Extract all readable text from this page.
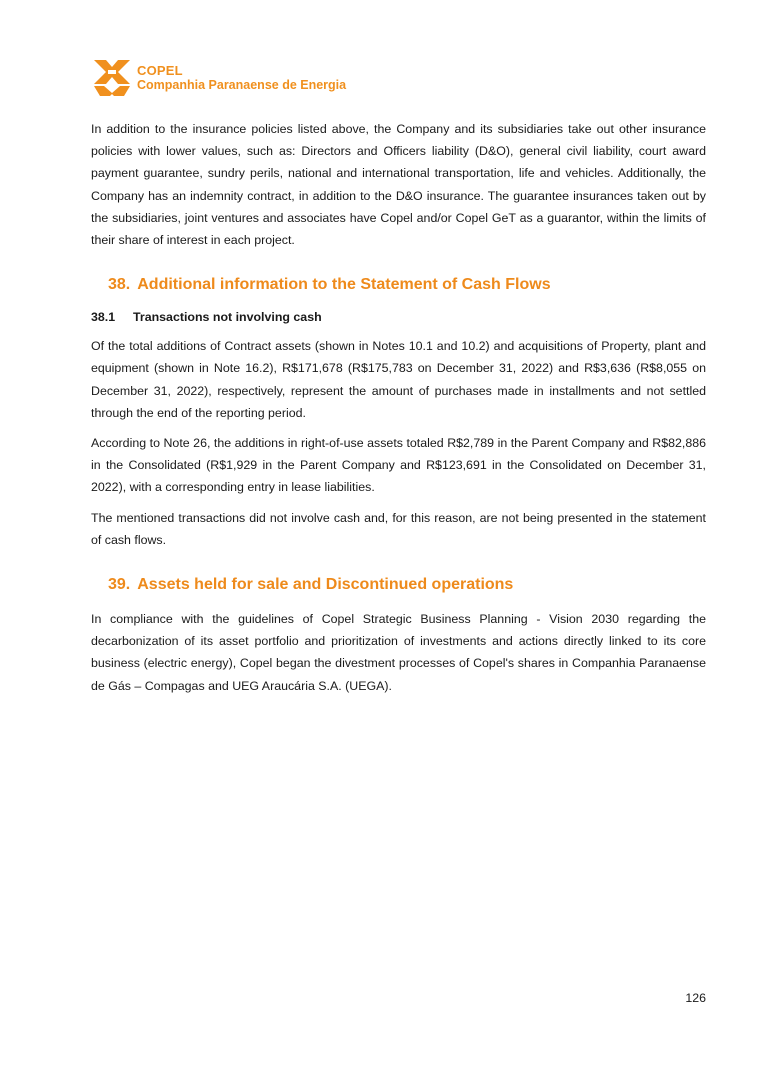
COPEL
Companhia Paranaense de Energia

In addition to the insurance policies listed above, the Company and its subsidiaries take out other insurance policies with lower values, such as: Directors and Officers liability (D&O), general civil liability, court award payment guarantee, sundry perils, national and international transportation, life and vehicles. Additionally, the Company has an indemnity contract, in addition to the D&O insurance. The guarantee insurances taken out by the subsidiaries, joint ventures and associates have Copel and/or Copel GeT as a guarantor, within the limits of their share of interest in each project.

38. Additional information to the Statement of Cash Flows
38.1	Transactions not involving cash

Of the total additions of Contract assets (shown in Notes 10.1 and 10.2) and acquisitions of Property, plant and equipment (shown in Note 16.2), R$171,678 (R$175,783 on December 31, 2022) and R$3,636 (R$8,055 on December 31, 2022), respectively, represent the amount of purchases made in installments and not settled through the end of the reporting period.

According to Note 26, the additions in right-of-use assets totaled R$2,789 in the Parent Company and R$82,886 in the Consolidated (R$1,929 in the Parent Company and R$123,691 in the Consolidated on December 31, 2022), with a corresponding entry in lease liabilities.

The mentioned transactions did not involve cash and, for this reason, are not being presented in the statement of cash flows.

39. Assets held for sale and Discontinued operations

In compliance with the guidelines of Copel Strategic Business Planning - Vision 2030 regarding the decarbonization of its asset portfolio and prioritization of investments and actions directly linked to its core business (electric energy), Copel began the divestment processes of Copel's shares in Companhia Paranaense de Gás – Compagas and UEG Araucária S.A. (UEGA).

126
